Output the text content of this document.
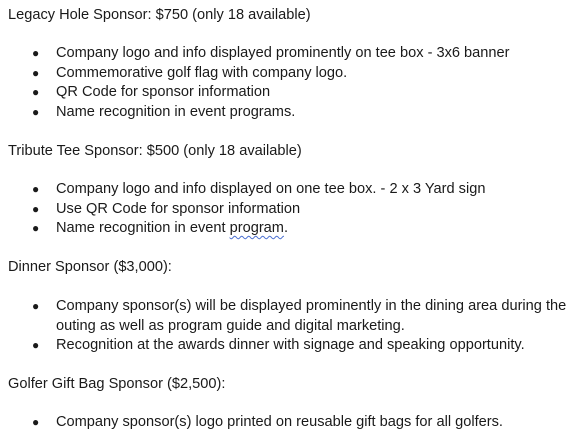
Legacy Hole Sponsor: $750 (only 18 available)
● Company logo and info displayed prominently on tee box - 3x6 banner
● Commemorative golf flag with company logo.
● QR Code for sponsor information
● Name recognition in event programs.
Tribute Tee Sponsor: $500 (only 18 available)
● Company logo and info displayed on one tee box. - 2 x 3 Yard sign
● Use QR Code for sponsor information
● Name recognition in event program.
Dinner Sponsor ($3,000):
● Company sponsor(s) will be displayed prominently in the dining area during the outing as well as program guide and digital marketing.
● Recognition at the awards dinner with signage and speaking opportunity.
Golfer Gift Bag Sponsor ($2,500):
● Company sponsor(s) logo printed on reusable gift bags for all golfers.
